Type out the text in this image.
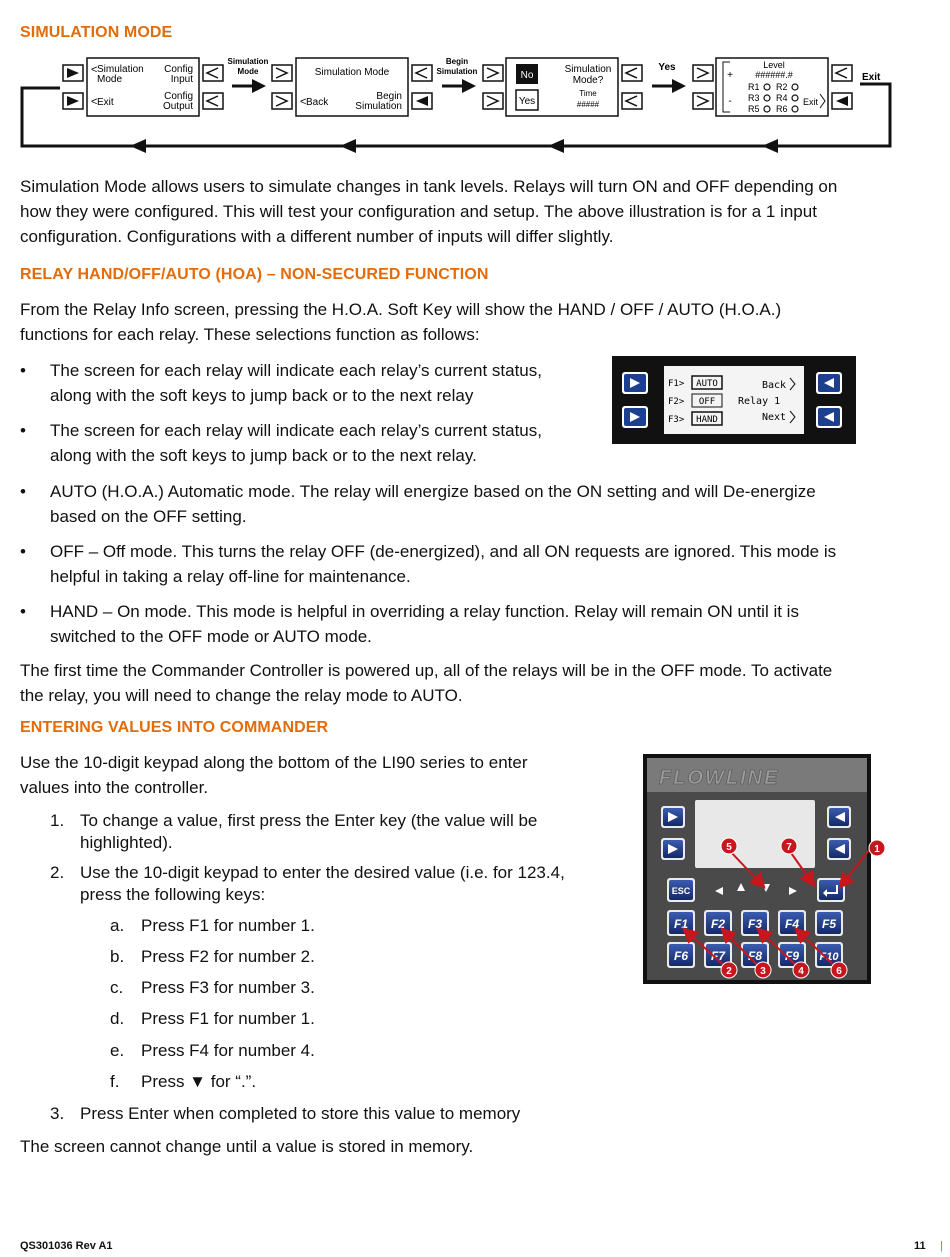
SIMULATION MODE
< Simulation
Mode
Config
Input
< Exit
Config
Output
Simulation
Mode	Simulation Mode
< Back
Begin
Simulation
Begin
Simulation	No
Yes
Simulation
Mode?
Time
#####
Yes
+
-
Level
######.#
R1 R2
R3 R4
R5 R6
Exit
Exit
Simulation Mode allows users to simulate changes in tank levels. Relays will turn ON and OFF depending on
how they were configured. This will test your configuration and setup. The above illustration is for a 1 input
configuration. Configurations with a different number of inputs will differ slightly.
RELAY HAND/OFF/AUTO (HOA) – NON-SECURED FUNCTION
From the Relay Info screen, pressing the H.O.A. Soft Key will show the HAND / OFF / AUTO (H.O.A.)
functions for each relay. These selections function as follows:
F1>
F2>
F3>
AUTO
OFF
HAND
Back
Relay 1
Next
• The screen for each relay will indicate each relay’s current status,
along with the soft keys to jump back or to the next relay
• The screen for each relay will indicate each relay’s current status,
along with the soft keys to jump back or to the next relay.
• AUTO (H.O.A.) Automatic mode. The relay will energize based on the ON setting and will De-energize
based on the OFF setting.
• OFF – Off mode. This turns the relay OFF (de-energized), and all ON requests are ignored. This mode is
helpful in taking a relay off-line for maintenance.
• HAND – On mode. This mode is helpful in overriding a relay function. Relay will remain ON until it is
switched to the OFF mode or AUTO mode.
The first time the Commander Controller is powered up, all of the relays will be in the OFF mode. To activate
the relay, you will need to change the relay mode to AUTO.
ENTERING VALUES INTO COMMANDER
Use the 10-digit keypad along the bottom of the LI90 series to enter
values into the controller.
1. To change a value, first press the Enter key (the value will be
highlighted).
2. Use the 10-digit keypad to enter the desired value (i.e. for 123.4,
press the following keys:
a. Press F1 for number 1.
b. Press F2 for number 2.
c. Press F3 for number 3.
d. Press F1 for number 1.
e. Press F4 for number 4.
f. Press ▼ for “.”.
3. Press Enter when completed to store this value to memory
The screen cannot change until a value is stored in memory.
FLOWLINE
ESC
F1 F2 F3 F4 F5
F6 F7 F8 F9 F10
1
2	3	4
5
6
7
QS301036 Rev A1	11 |
